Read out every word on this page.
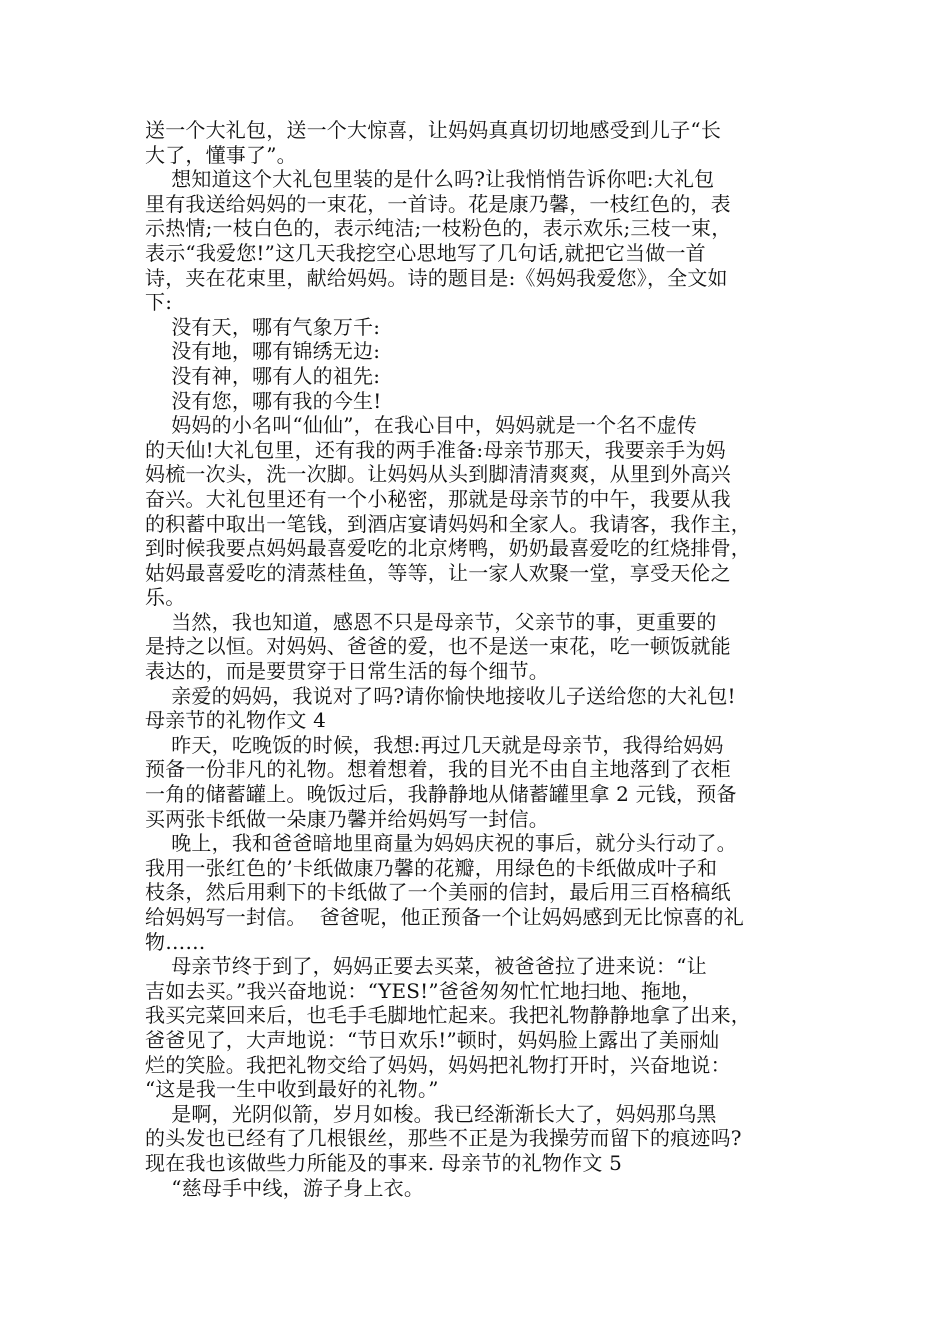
送一个大礼包，送一个大惊喜，让妈妈真真切切地感受到儿子“长
大了，懂事了”。
想知道这个大礼包里装的是什么吗?让我悄悄告诉你吧:大礼包
里有我送给妈妈的一束花，一首诗。花是康乃馨，一枝红色的，表
示热情;一枝白色的，表示纯洁;一枝粉色的，表示欢乐;三枝一束，
表示“我爱您!”这几天我挖空心思地写了几句话,就把它当做一首
诗，夹在花束里，献给妈妈。诗的题目是:《妈妈我爱您》，全文如
下:
没有天，哪有气象万千:
没有地，哪有锦绣无边:
没有神，哪有人的祖先:
没有您，哪有我的今生!
妈妈的小名叫“仙仙”，在我心目中，妈妈就是一个名不虚传
的天仙!大礼包里，还有我的两手准备:母亲节那天，我要亲手为妈
妈梳一次头，洗一次脚。让妈妈从头到脚清清爽爽，从里到外高兴
奋兴。大礼包里还有一个小秘密，那就是母亲节的中午，我要从我
的积蓄中取出一笔钱，到酒店宴请妈妈和全家人。我请客，我作主，
到时候我要点妈妈最喜爱吃的北京烤鸭，奶奶最喜爱吃的红烧排骨，
姑妈最喜爱吃的清蒸桂鱼，等等，让一家人欢聚一堂，享受天伦之
乐。
当然，我也知道，感恩不只是母亲节，父亲节的事，更重要的
是持之以恒。对妈妈、爸爸的爱，也不是送一束花，吃一顿饭就能
表达的，而是要贯穿于日常生活的每个细节。
亲爱的妈妈，我说对了吗?请你愉快地接收儿子送给您的大礼包!
母亲节的礼物作文 4
昨天，吃晚饭的时候，我想:再过几天就是母亲节，我得给妈妈
预备一份非凡的礼物。想着想着，我的目光不由自主地落到了衣柜
一角的储蓄罐上。晚饭过后，我静静地从储蓄罐里拿 2 元钱，预备
买两张卡纸做一朵康乃馨并给妈妈写一封信。
晚上，我和爸爸暗地里商量为妈妈庆祝的事后，就分头行动了。
我用一张红色的’卡纸做康乃馨的花瓣，用绿色的卡纸做成叶子和
枝条，然后用剩下的卡纸做了一个美丽的信封，最后用三百格稿纸
给妈妈写一封信。  爸爸呢，他正预备一个让妈妈感到无比惊喜的礼
物……
母亲节终于到了，妈妈正要去买菜，被爸爸拉了进来说：“让
吉如去买。”我兴奋地说：“YES!”爸爸匆匆忙忙地扫地、拖地，
我买完菜回来后，也毛手毛脚地忙起来。我把礼物静静地拿了出来，
爸爸见了，大声地说：“节日欢乐!”顿时，妈妈脸上露出了美丽灿
烂的笑脸。我把礼物交给了妈妈，妈妈把礼物打开时，兴奋地说：
“这是我一生中收到最好的礼物。”
是啊，光阴似箭，岁月如梭。我已经渐渐长大了，妈妈那乌黑
的头发也已经有了几根银丝，那些不正是为我操劳而留下的痕迹吗?
现在我也该做些力所能及的事来. 母亲节的礼物作文 5
“慈母手中线，游子身上衣。
